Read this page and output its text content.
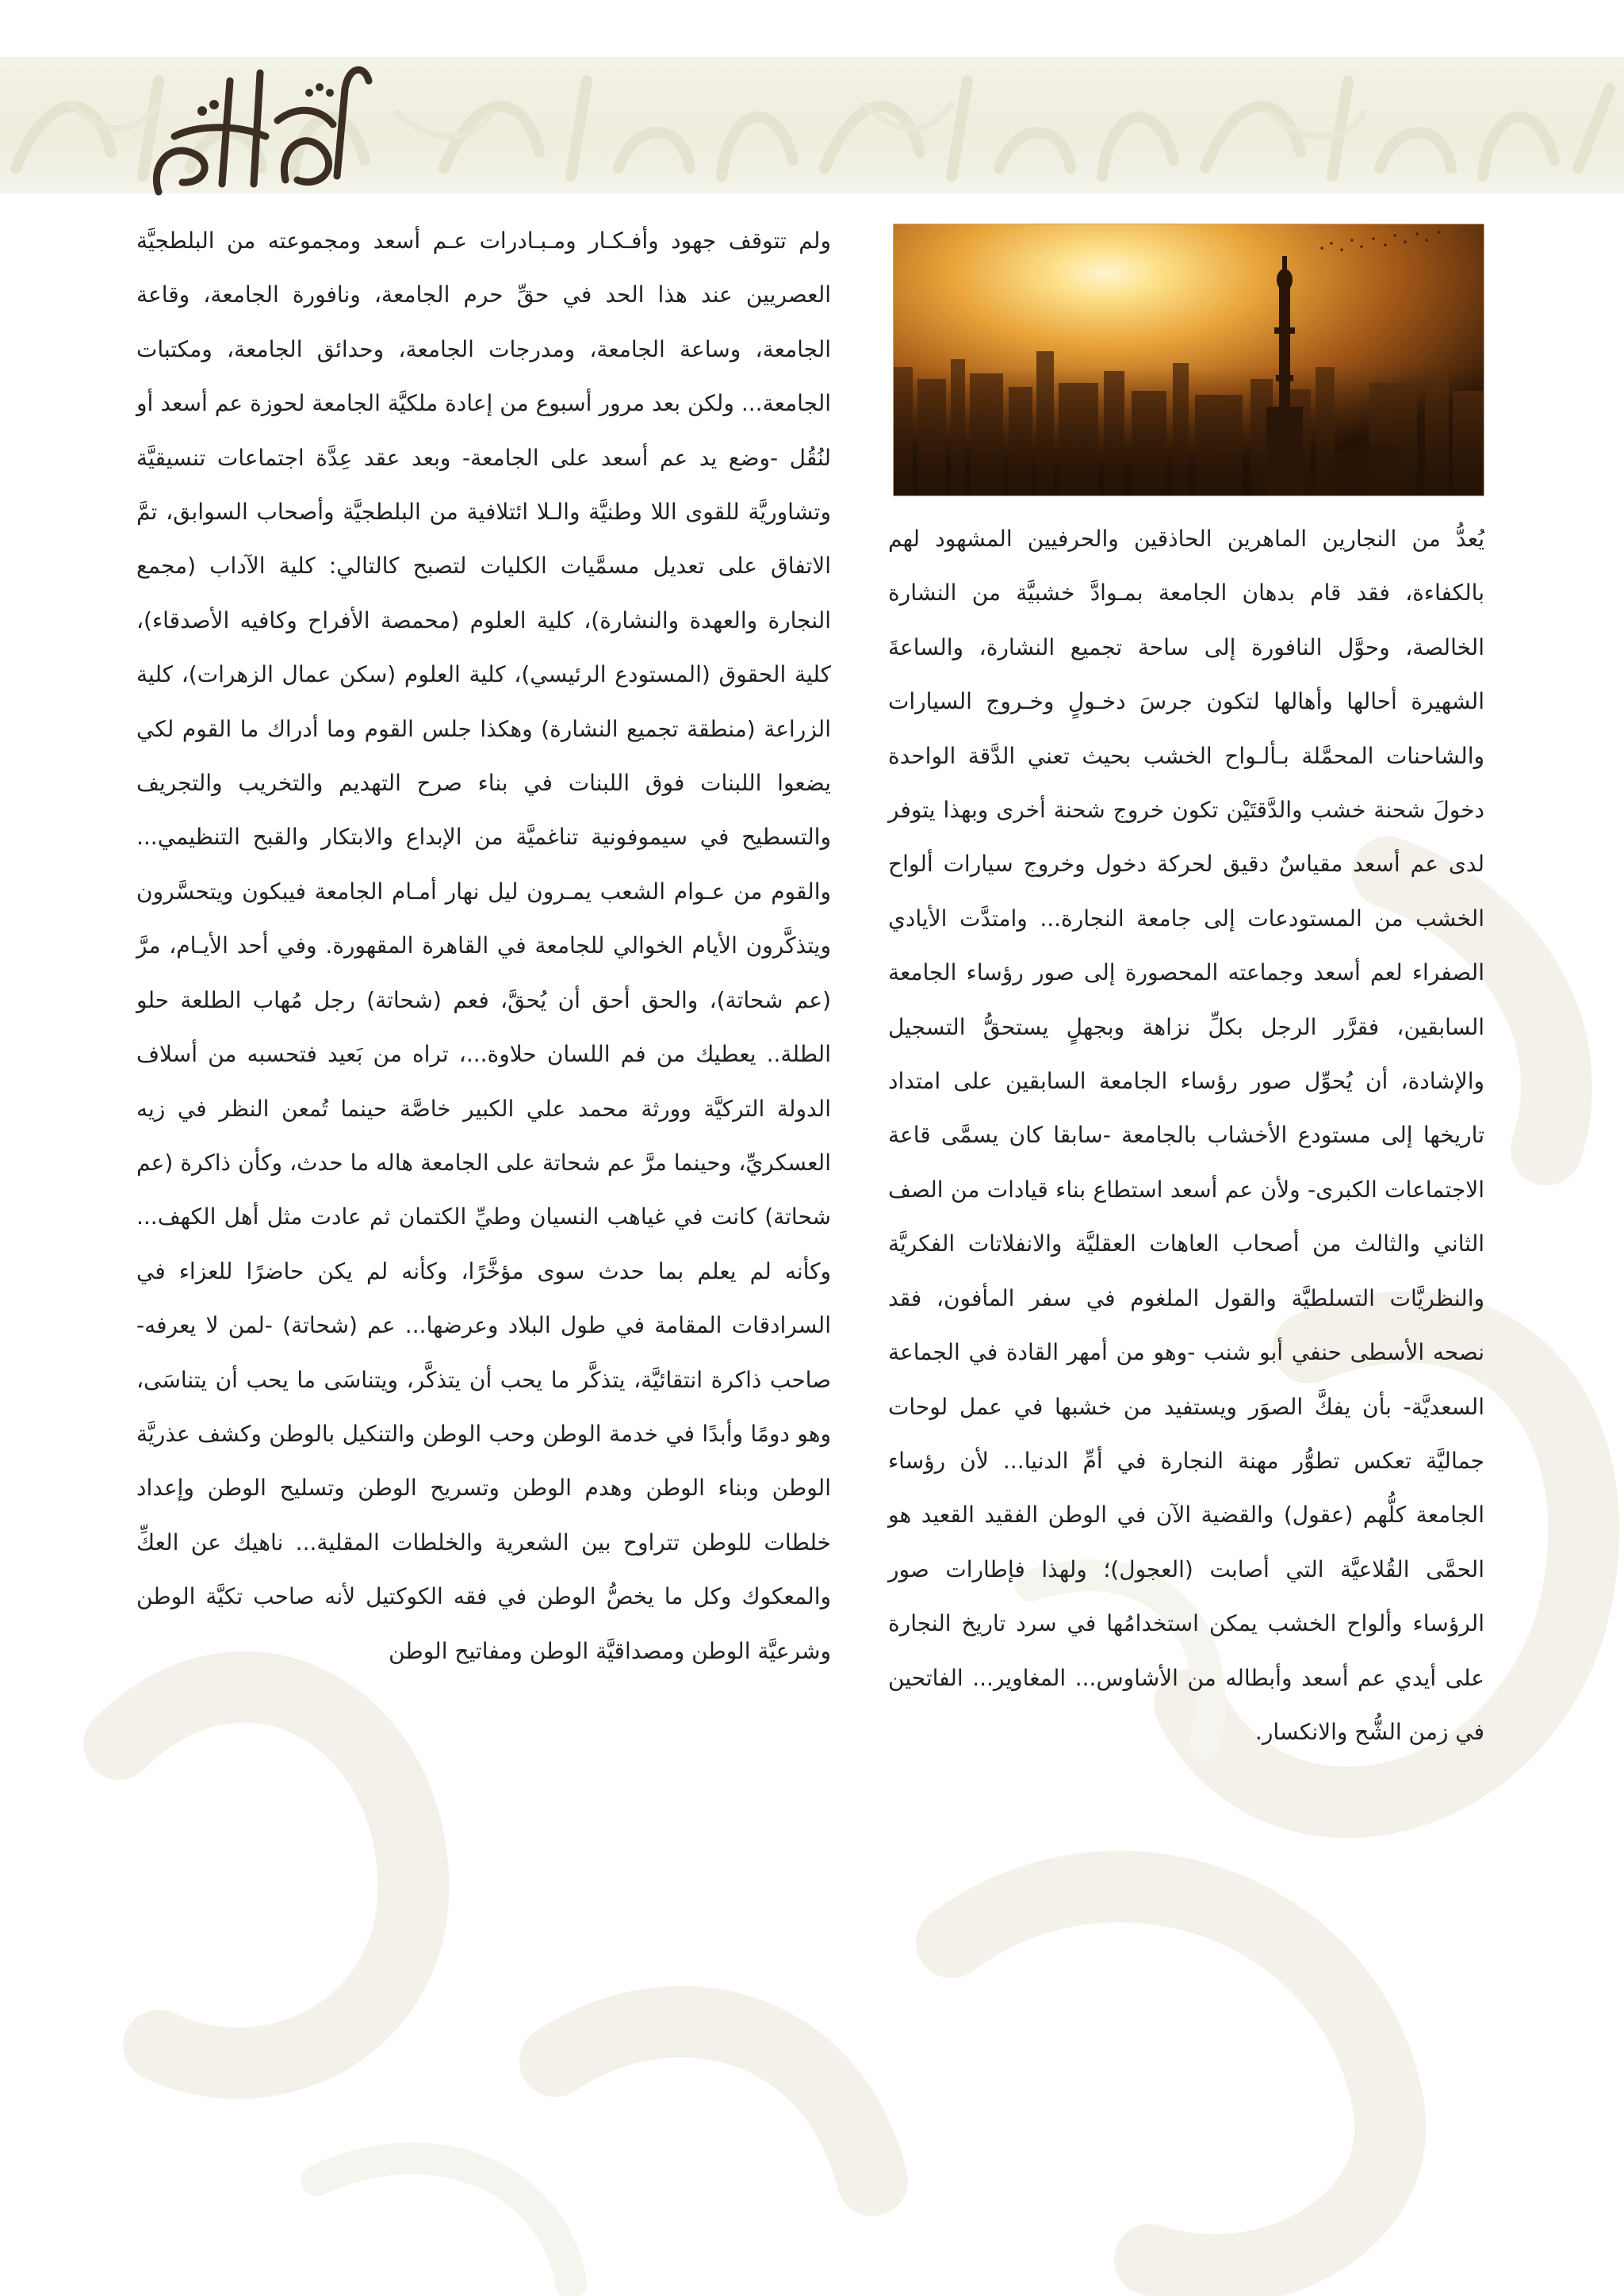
عماد الدين

يُعدُّ من النجارين الماهرين الحاذقين والحرفيين المشهود لهم بالكفاءة، فقد قام بدهان الجامعة بمـوادَّ خشبيَّة من النشارة الخالصة، وحوَّل النافورة إلى ساحة تجميع النشارة، والساعةَ الشهيرة أحالها وأهالها لتكون جرسَ دخـولٍ وخـروج السيارات والشاحنات المحمَّلة بـألـواح الخشب بحيث تعني الدَّقة الواحدة دخولَ شحنة خشب والدَّقتَيْن تكون خروج شحنة أخرى وبهذا يتوفر لدى عم أسعد مقياسٌ دقيق لحركة دخول وخروج سيارات ألواح الخشب من المستودعات إلى جامعة النجارة... وامتدَّت الأيادي الصفراء لعم أسعد وجماعته المحصورة إلى صور رؤساء الجامعة السابقين، فقرَّر الرجل بكلِّ نزاهة وبجهلٍ يستحقُّ التسجيل والإشادة، أن يُحوِّل صور رؤساء الجامعة السابقين على امتداد تاريخها إلى مستودع الأخشاب بالجامعة -سابقا كان يسمَّى قاعة الاجتماعات الكبرى- ولأن عم أسعد استطاع بناء قيادات من الصف الثاني والثالث من أصحاب العاهات العقليَّة والانفلاتات الفكريَّة والنظريَّات التسلطيَّة والقول الملغوم في سفر المأفون، فقد نصحه الأسطى حنفي أبو شنب -وهو من أمهر القادة في الجماعة السعديَّة- بأن يفكَّ الصوَر ويستفيد من خشبها في عمل لوحات جماليَّة تعكس تطوُّر مهنة النجارة في أمِّ الدنيا... لأن رؤساء الجامعة كلُّهم (عقول) والقضية الآن في الوطن الفقيد القعيد هو الحمَّى القُلاعيَّة التي أصابت (العجول)؛ ولهذا فإطارات صور الرؤساء وألواح الخشب يمكن استخدامُها في سرد تاريخ النجارة على أيدي عم أسعد وأبطاله من الأشاوس... المغاوير... الفاتحين في زمن الشُّح والانكسار.

ولم تتوقف جهود وأفـكـار ومـبـادرات عـم أسعد ومجموعته من البلطجيَّة العصريين عند هذا الحد في حقِّ حرم الجامعة، ونافورة الجامعة، وقاعة الجامعة، وساعة الجامعة، ومدرجات الجامعة، وحدائق الجامعة، ومكتبات الجامعة... ولكن بعد مرور أسبوع من إعادة ملكيَّة الجامعة لحوزة عم أسعد أو لنُقُل -وضع يد عم أسعد على الجامعة- وبعد عقد عِدَّة اجتماعات تنسيقيَّة وتشاوريَّة للقوى اللا وطنيَّة والـلا ائتلافية من البلطجيَّة وأصحاب السوابق، تمَّ الاتفاق على تعديل مسمَّيات الكليات لتصبح كالتالي: كلية الآداب (مجمع النجارة والعهدة والنشارة)، كلية العلوم (محمصة الأفراح وكافيه الأصدقاء)، كلية الحقوق (المستودع الرئيسي)، كلية العلوم (سكن عمال الزهرات)، كلية الزراعة (منطقة تجميع النشارة) وهكذا جلس القوم وما أدراك ما القوم لكي يضعوا اللبنات فوق اللبنات في بناء صرح التهديم والتخريب والتجريف والتسطيح في سيموفونية تناغميَّة من الإبداع والابتكار والقبح التنظيمي... والقوم من عـوام الشعب يمـرون ليل نهار أمـام الجامعة فيبكون ويتحسَّرون ويتذكَّرون الأيام الخوالي للجامعة في القاهرة المقهورة. وفي أحد الأيـام، مرَّ (عم شحاتة)، والحق أحق أن يُحقَّ، فعم (شحاتة) رجل مُهاب الطلعة حلو الطلة.. يعطيك من فم اللسان حلاوة...، تراه من بَعيد فتحسبه من أسلاف الدولة التركيَّة وورثة محمد علي الكبير خاصَّة حينما تُمعن النظر في زيه العسكريِّ، وحينما مرَّ عم شحاتة على الجامعة هاله ما حدث، وكأن ذاكرة (عم شحاتة) كانت في غياهب النسيان وطيِّ الكتمان ثم عادت مثل أهل الكهف... وكأنه لم يعلم بما حدث سوى مؤخَّرًا، وكأنه لم يكن حاضرًا للعزاء في السرادقات المقامة في طول البلاد وعرضها... عم (شحاتة) -لمن لا يعرفه- صاحب ذاكرة انتقائيَّة، يتذكَّر ما يحب أن يتذكَّر، ويتناسَى ما يحب أن يتناسَى، وهو دومًا وأبدًا في خدمة الوطن وحب الوطن والتنكيل بالوطن وكشف عذريَّة الوطن وبناء الوطن وهدم الوطن وتسريح الوطن وتسليح الوطن وإعداد خلطات للوطن تتراوح بين الشعرية والخلطات المقلية... ناهيك عن العكِّ والمعكوك وكل ما يخصُّ الوطن في فقه الكوكتيل لأنه صاحب تكيَّة الوطن وشرعيَّة الوطن ومصداقيَّة الوطن ومفاتيح الوطن
